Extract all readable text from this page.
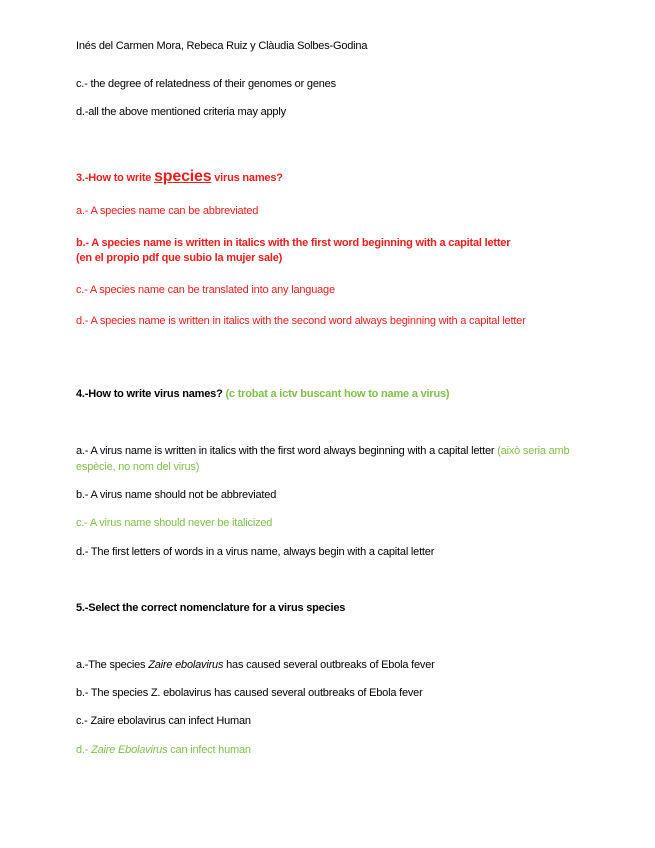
Inés del Carmen Mora, Rebeca Ruiz y Clàudia Solbes-Godina
c.- the degree of relatedness of their genomes or genes
d.-all the above mentioned criteria may apply
3.-How to write species virus names?
a.- A species name can be abbreviated
b.- A species name is written in italics with the first word beginning with a capital letter
(en el propio pdf que subio la mujer sale)
c.- A species name can be translated into any language
d.- A species name is written in italics with the second word always beginning with a capital letter
4.-How to write virus names? (c trobat a ictv buscant how to name a virus)
a.- A virus name is written in italics with the first word always beginning with a capital letter (això seria amb espècie, no nom del virus)
b.- A virus name should not be abbreviated
c.- A virus name should never be italicized
d.- The first letters of words in a virus name, always begin with a capital letter
5.-Select the correct nomenclature for a virus species
a.-The species Zaire ebolavirus has caused several outbreaks of Ebola fever
b.- The species Z. ebolavirus has caused several outbreaks of Ebola fever
c.- Zaire ebolavirus can infect Human
d.- Zaire Ebolavirus can infect human
